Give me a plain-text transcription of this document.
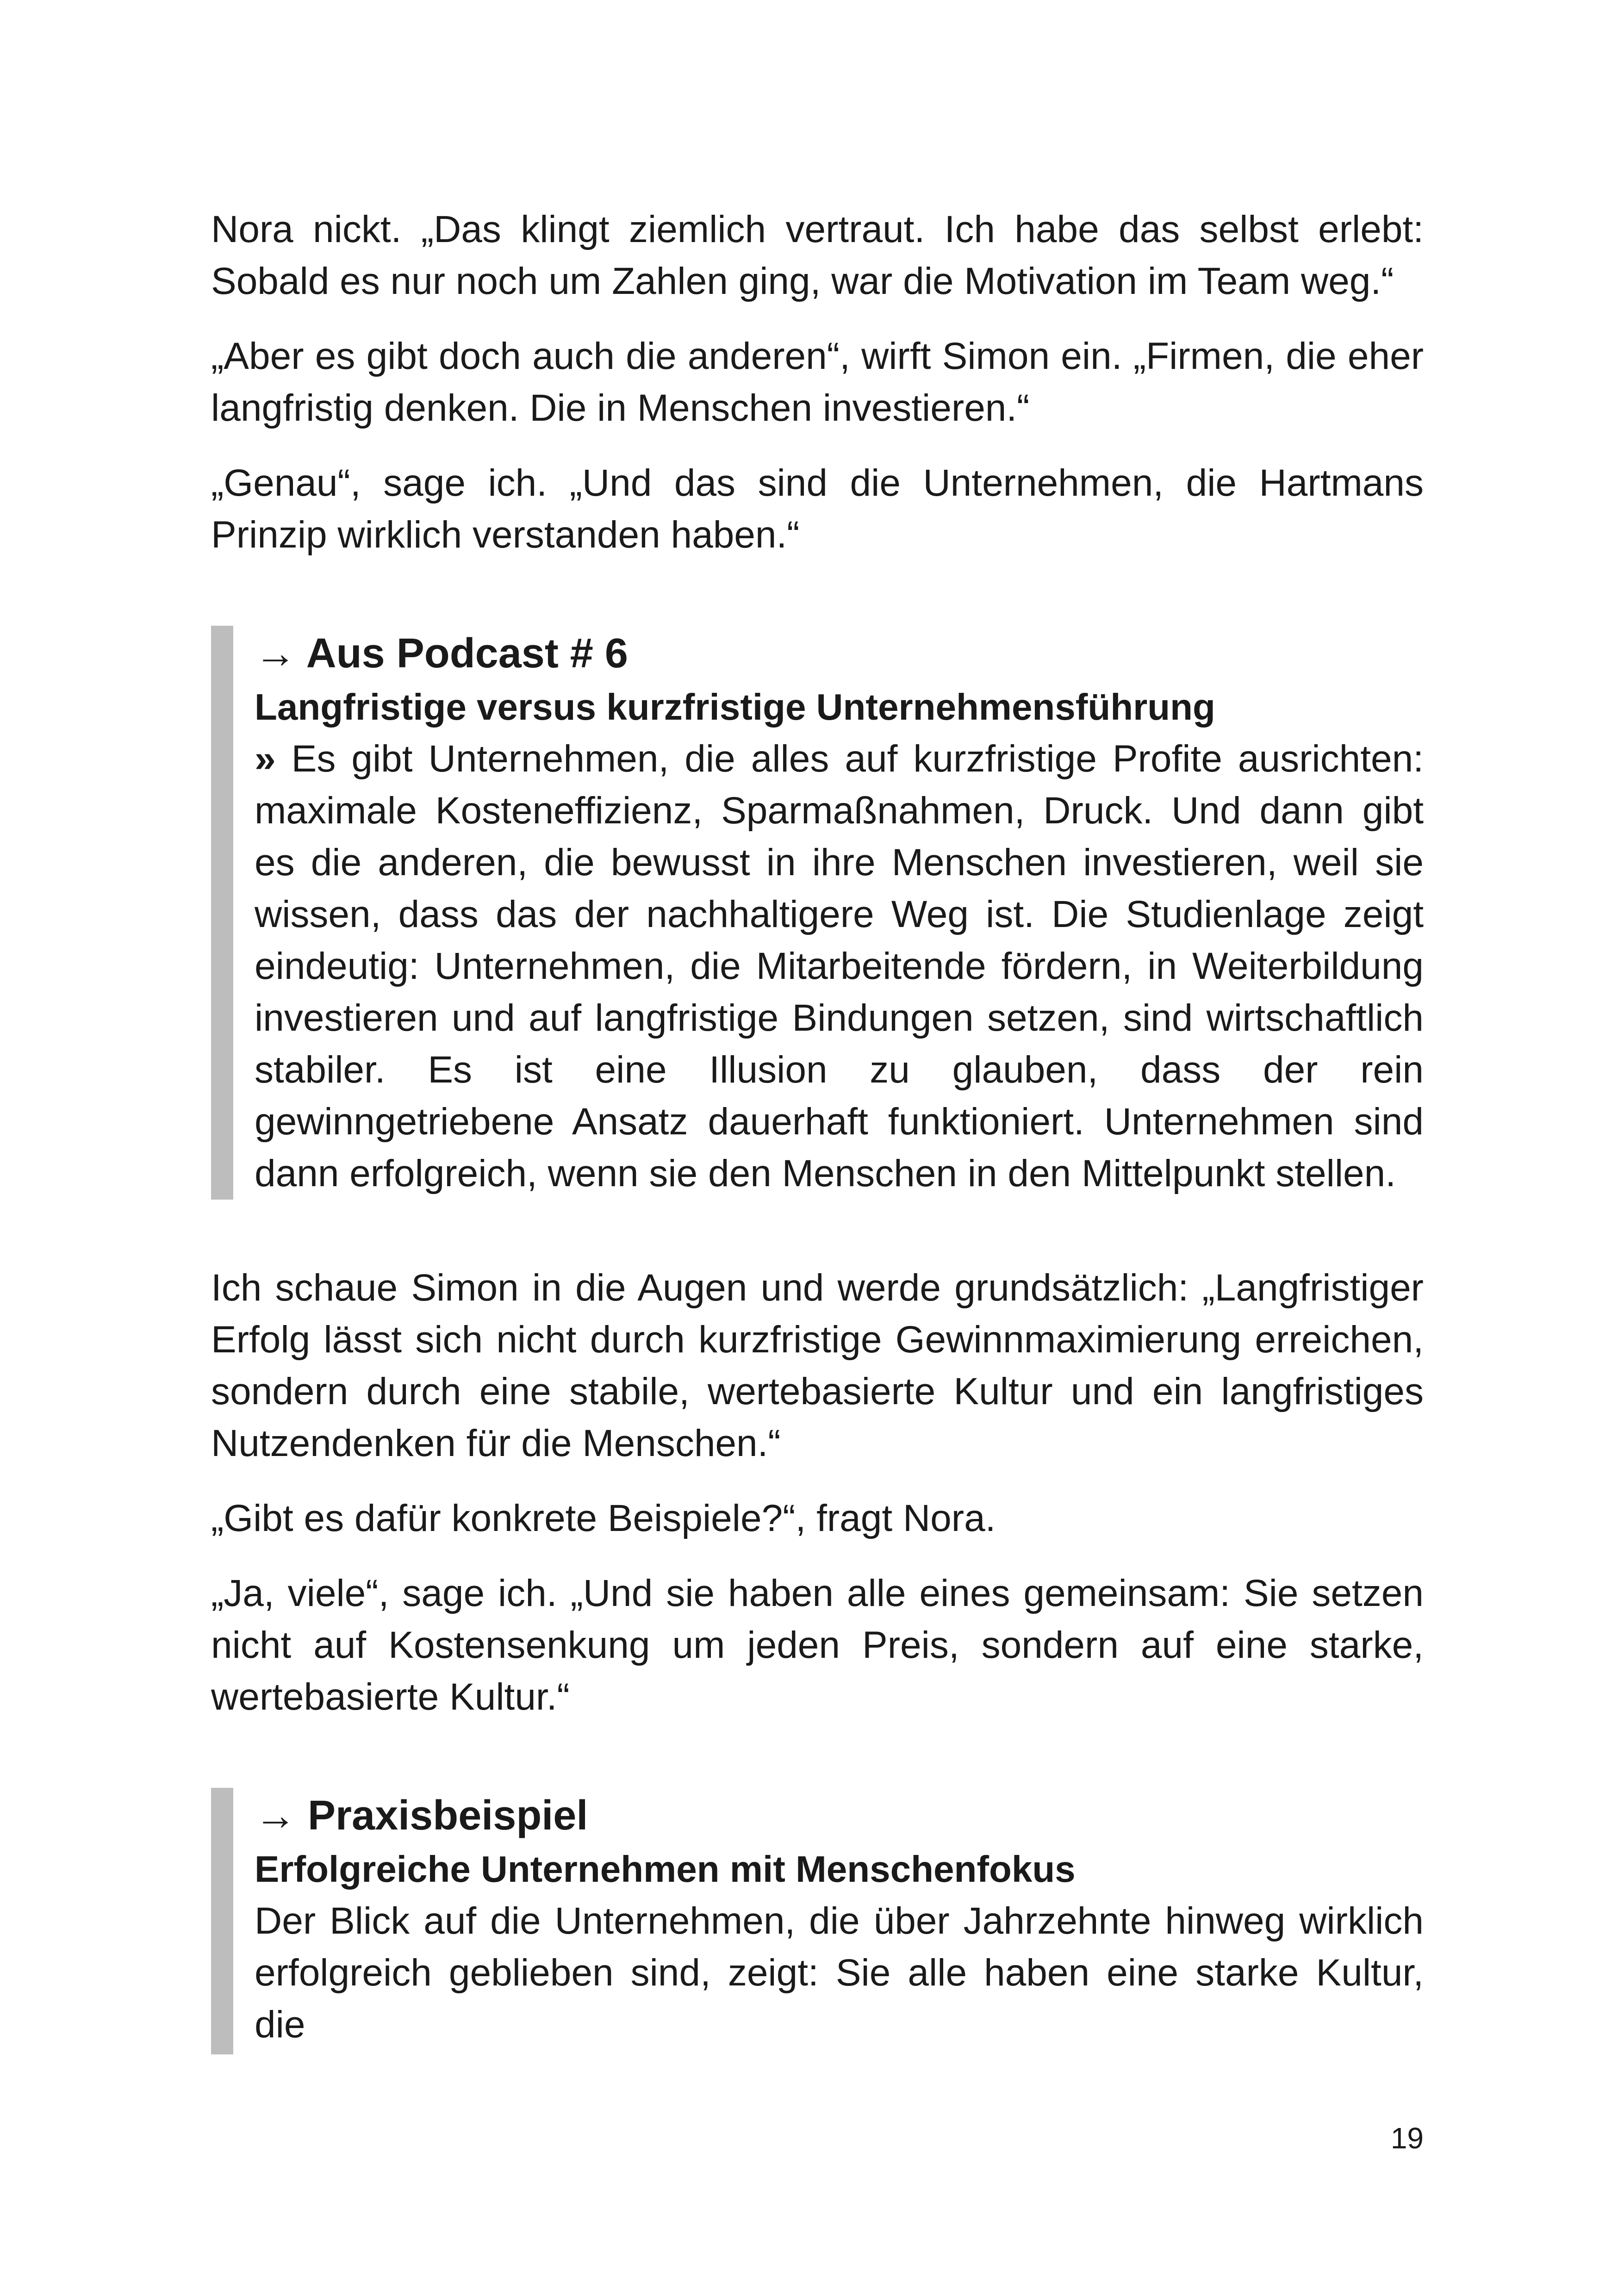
Nora nickt. „Das klingt ziemlich vertraut. Ich habe das selbst erlebt: Sobald es nur noch um Zahlen ging, war die Motivation im Team weg.“

„Aber es gibt doch auch die anderen“, wirft Simon ein. „Firmen, die eher langfristig denken. Die in Menschen investieren.“

„Genau“, sage ich. „Und das sind die Unternehmen, die Hartmans Prinzip wirklich verstanden haben.“

→ Aus Podcast # 6

Langfristige versus kurzfristige Unternehmensführung

» Es gibt Unternehmen, die alles auf kurzfristige Profite ausrichten: maximale Kosteneffizienz, Sparmaßnahmen, Druck. Und dann gibt es die anderen, die bewusst in ihre Menschen investieren, weil sie wissen, dass das der nachhaltigere Weg ist. Die Studienlage zeigt eindeutig: Unternehmen, die Mitarbeitende fördern, in Weiterbildung investieren und auf langfristige Bindungen setzen, sind wirtschaftlich stabiler. Es ist eine Illusion zu glauben, dass der rein gewinngetriebene Ansatz dauerhaft funktioniert. Unternehmen sind dann erfolgreich, wenn sie den Menschen in den Mittelpunkt stellen.

Ich schaue Simon in die Augen und werde grundsätzlich: „Langfristiger Erfolg lässt sich nicht durch kurzfristige Gewinnmaximierung erreichen, sondern durch eine stabile, wertebasierte Kultur und ein langfristiges Nutzendenken für die Menschen.“

„Gibt es dafür konkrete Beispiele?“, fragt Nora.

„Ja, viele“, sage ich. „Und sie haben alle eines gemeinsam: Sie setzen nicht auf Kostensenkung um jeden Preis, sondern auf eine starke, wertebasierte Kultur.“

→ Praxisbeispiel

Erfolgreiche Unternehmen mit Menschenfokus

Der Blick auf die Unternehmen, die über Jahrzehnte hinweg wirklich erfolgreich geblieben sind, zeigt: Sie alle haben eine starke Kultur, die

19
